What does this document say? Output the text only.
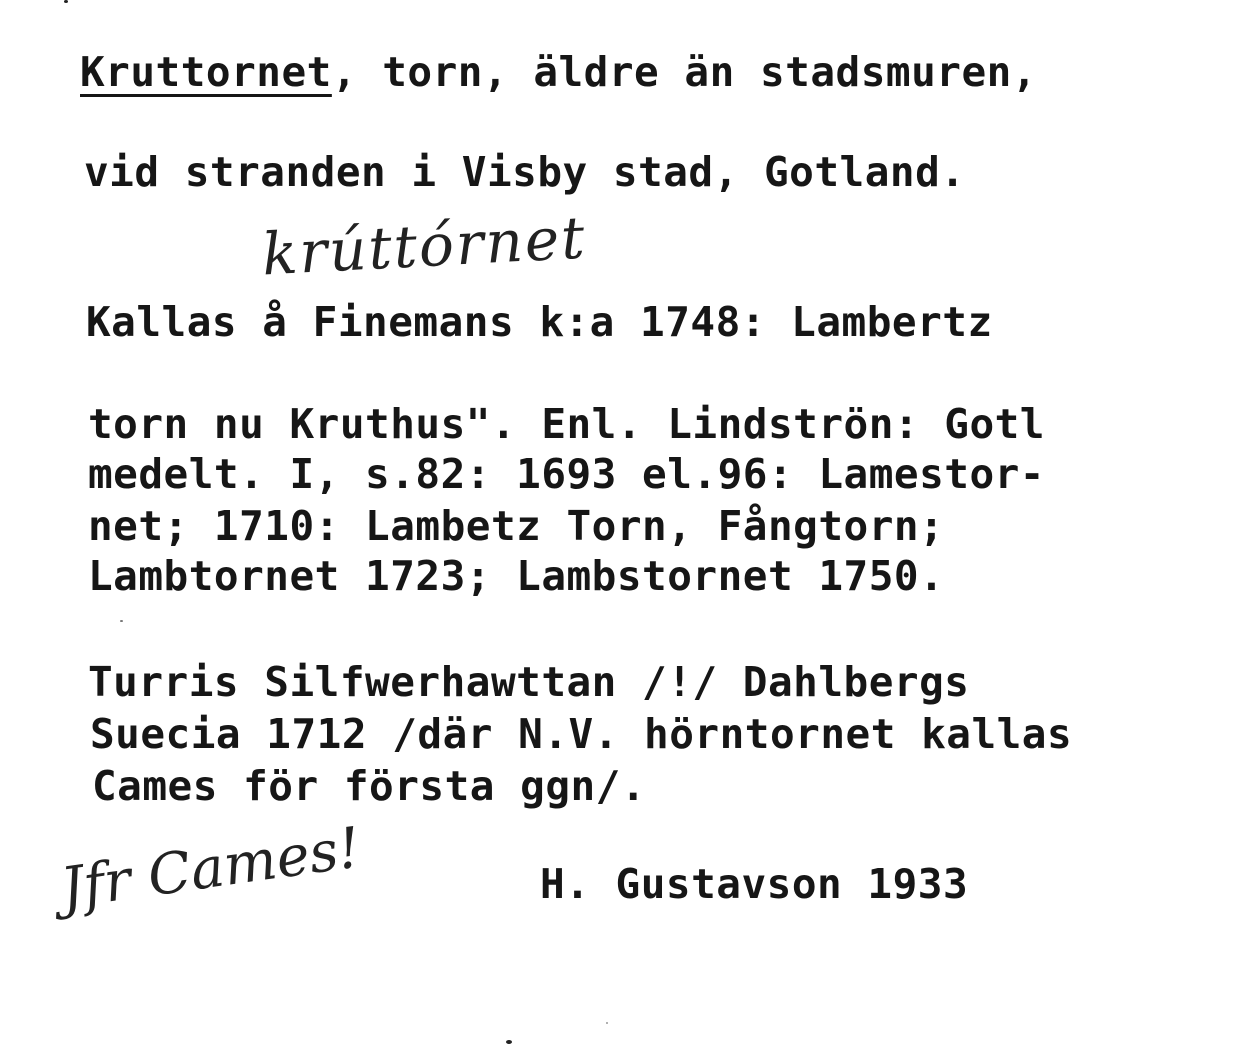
Kruttornet, torn, äldre än stadsmuren,
vid stranden i Visby stad, Gotland.
krúttórnet
Kallas å Finemans k:a 1748: Lambertz
torn nu Kruthus". Enl. Lindströn: Gotl
medelt. I, s.82: 1693 el.96: Lamestor-
net; 1710: Lambetz Torn, Fångtorn;
Lambtornet 1723; Lambstornet 1750.
Turris Silfwerhawttan /!/ Dahlbergs
Suecia 1712 /där N.V. hörntornet kallas
Cames för första ggn/.
Jfr Cames!	H. Gustavson 1933
